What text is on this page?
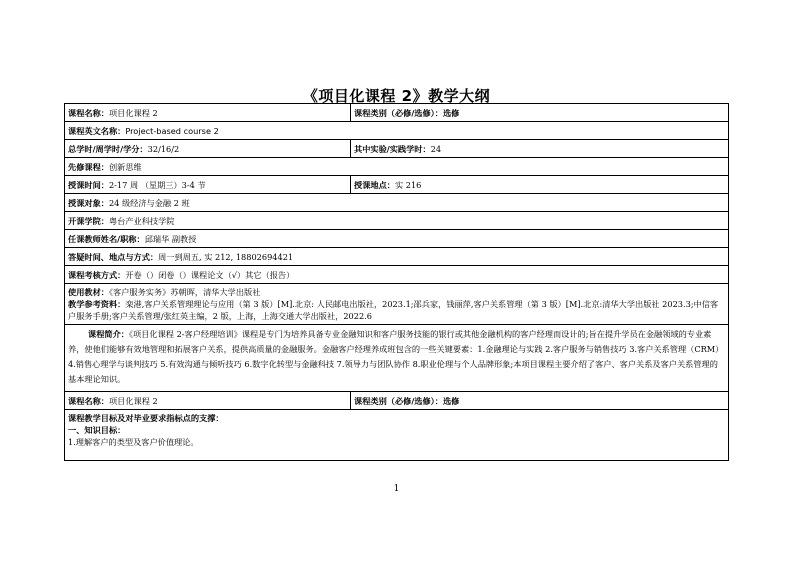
《项目化课程 2》教学大纲
课程名称：项目化课程 2	课程类别（必修/选修）：选修
课程英文名称：Project-based course 2	
总学时/周学时/学分：32/16/2	其中实验/实践学时：24
先修课程：创新思维	
授课时间：2-17 周 （星期三）3-4 节	授课地点：实 216
授课对象：24 级经济与金融 2 班	
开课学院：粤台产业科技学院	
任课教师姓名/职称：邱瑞华 副教授	
答疑时间、地点与方式：周一到周五, 实 212, 18802694421	
课程考核方式：开卷（）闭卷（）课程论文（√）其它（报告）	

使用教材：《客户服务实务》苏朝晖，清华大学出版社
教学参考资料：栾港,客户关系管理理论与应用（第 3 版）[M].北京: 人民邮电出版社，2023.1;邵兵家，钱丽萍,客户关系管理（第 3 版）[M].北京:清华大学出版社 2023.3;中信客户服务手册;客户关系管理/张红英主编，2 版，上海，上海交通大学出版社，2022.6	

课程简介：《项目化课程 2-客户经理培训》课程是专门为培养具备专业金融知识和客户服务技能的银行或其他金融机构的客户经理而设计的;旨在提升学员在金融领域的专业素养，使他们能够有效地管理和拓展客户关系，提供高质量的金融服务。金融客户经理养成班包含的一些关键要素：1.金融理论与实践 2.客户服务与销售技巧 3.客户关系管理（CRM）4.销售心理学与谈判技巧 5.有效沟通与倾听技巧 6.数字化转型与金融科技 7.领导力与团队协作 8.职业伦理与个人品牌形象;本项目课程主要介绍了客户、客户关系及客户关系管理的基本理论知识。	
课程名称：项目化课程 2	课程类别（必修/选修）：选修

课程教学目标及对毕业要求指标点的支撑：
一、知识目标：
1.理解客户的类型及客户价值理论。	
1
